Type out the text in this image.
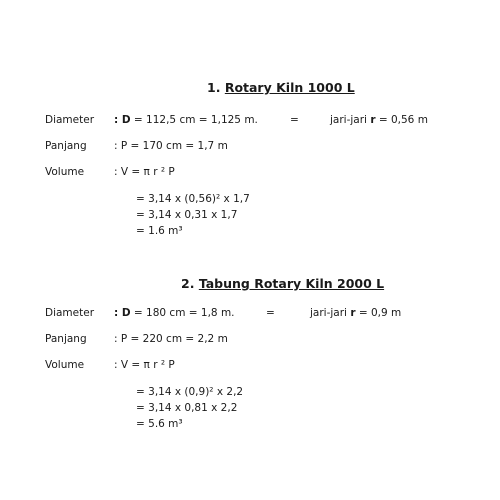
1. Rotary Kiln 1000 L
Diameter : D = 112,5 cm = 1,125 m.	=	jari-jari r = 0,56 m
Panjang	: P = 170 cm = 1,7 m
Volume	: V = π r ² P
= 3,14 x (0,56)² x 1,7
= 3,14 x 0,31 x 1,7
= 1.6 m³
2. Tabung Rotary Kiln 2000 L
Diameter : D = 180 cm = 1,8 m.	=	jari-jari r = 0,9 m
Panjang	: P = 220 cm = 2,2 m
Volume	: V = π r ² P
= 3,14 x (0,9)² x 2,2
= 3,14 x 0,81 x 2,2
= 5.6 m³
